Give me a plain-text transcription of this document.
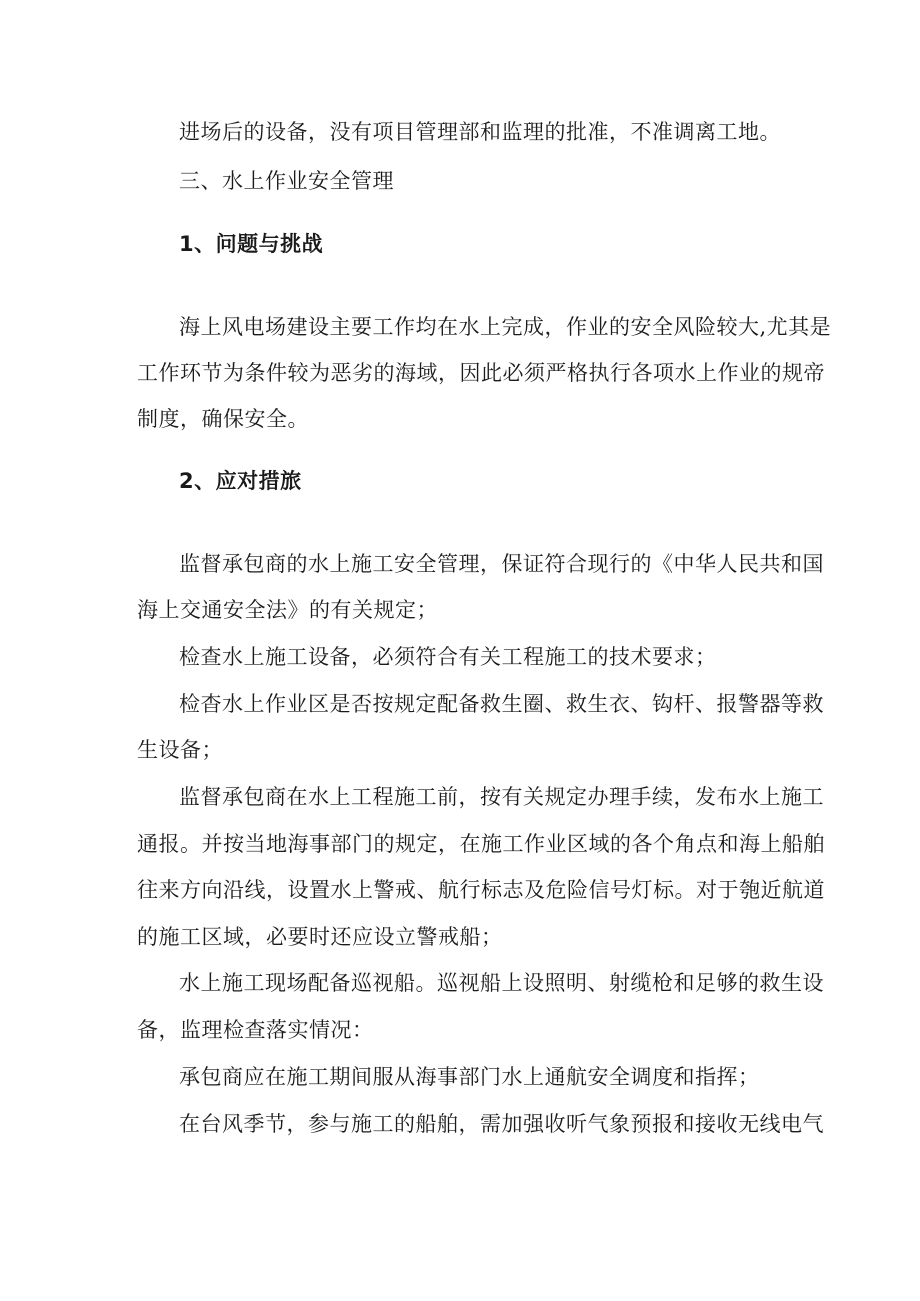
进场后的设备，没有项目管理部和监理的批准，不准调离工地。
三、水上作业安全管理
1、问题与挑战
海上风电场建设主要工作均在水上完成，作业的安全风险较大,尤其是
工作环节为条件较为恶劣的海域，因此必须严格执行各项水上作业的规帝
制度，确保安全。
2、应对措旅
监督承包商的水上施工安全管理，保证符合现行的《中华人民共和国
海上交通安全法》的有关规定；
检查水上施工设备，必须符合有关工程施工的技术要求；
检杳水上作业区是否按规定配备救生圈、救生衣、钩杆、报警器等救
生设备；
监督承包商在水上工程施工前，按有关规定办理手续，发布水上施工
通报。并按当地海事部门的规定，在施工作业区域的各个角点和海上船舶
往来方向沿线，设置水上警戒、航行标志及危险信号灯标。对于匏近航道
的施工区域，必要时还应设立警戒船；
水上施工现场配备巡视船。巡视船上设照明、射缆枪和足够的救生设
备，监理检查落实情况：
承包商应在施工期间服从海事部门水上通航安全调度和指挥；
在台风季节，参与施工的船舶，需加强收听气象预报和接收无线电气
